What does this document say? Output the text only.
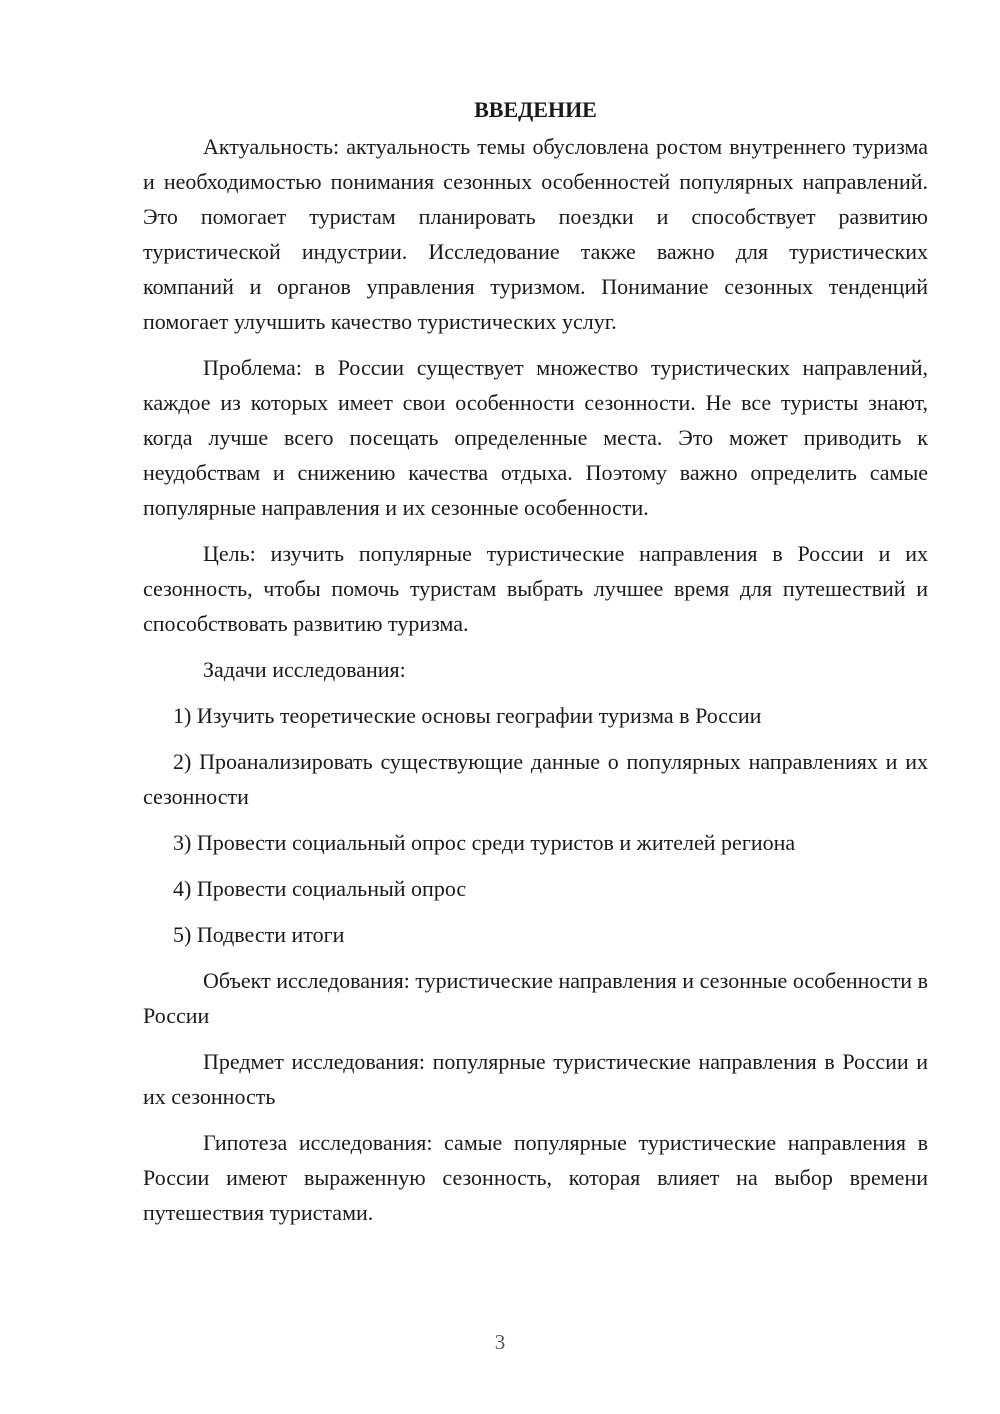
ВВЕДЕНИЕ
Актуальность: актуальность темы обусловлена ростом внутреннего туризма и необходимостью понимания сезонных особенностей популярных направлений. Это помогает туристам планировать поездки и способствует развитию туристической индустрии. Исследование также важно для туристических компаний и органов управления туризмом. Понимание сезонных тенденций помогает улучшить качество туристических услуг.
Проблема: в России существует множество туристических направлений, каждое из которых имеет свои особенности сезонности. Не все туристы знают, когда лучше всего посещать определенные места. Это может приводить к неудобствам и снижению качества отдыха. Поэтому важно определить самые популярные направления и их сезонные особенности.
Цель: изучить популярные туристические направления в России и их сезонность, чтобы помочь туристам выбрать лучшее время для путешествий и способствовать развитию туризма.
Задачи исследования:
1) Изучить теоретические основы географии туризма в России
2) Проанализировать существующие данные о популярных направлениях и их сезонности
3) Провести социальный опрос среди туристов и жителей региона
4) Провести социальный опрос
5) Подвести итоги
Объект исследования: туристические направления и сезонные особенности в России
Предмет исследования: популярные туристические направления в России и их сезонность
Гипотеза исследования: самые популярные туристические направления в России имеют выраженную сезонность, которая влияет на выбор времени путешествия туристами.
3
